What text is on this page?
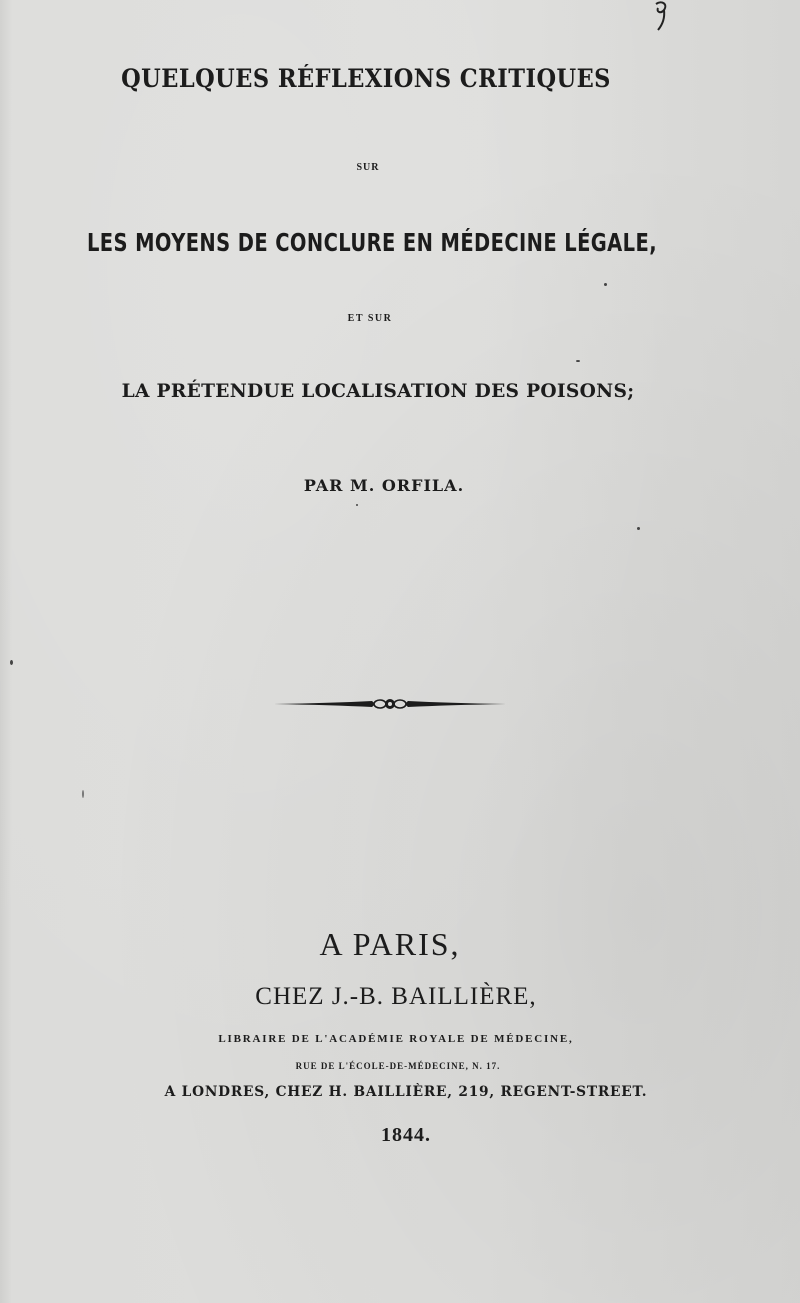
QUELQUES RÉFLEXIONS CRITIQUES
SUR
LES MOYENS DE CONCLURE EN MÉDECINE LÉGALE,
ET SUR
LA PRÉTENDUE LOCALISATION DES POISONS;
PAR M. ORFILA.
A PARIS,
CHEZ J.-B. BAILLIÈRE,
LIBRAIRE DE L'ACADÉMIE ROYALE DE MÉDECINE,
RUE DE L'ÉCOLE-DE-MÉDECINE, N. 17.
A LONDRES, CHEZ H. BAILLIÈRE, 219, REGENT-STREET.
1844.
